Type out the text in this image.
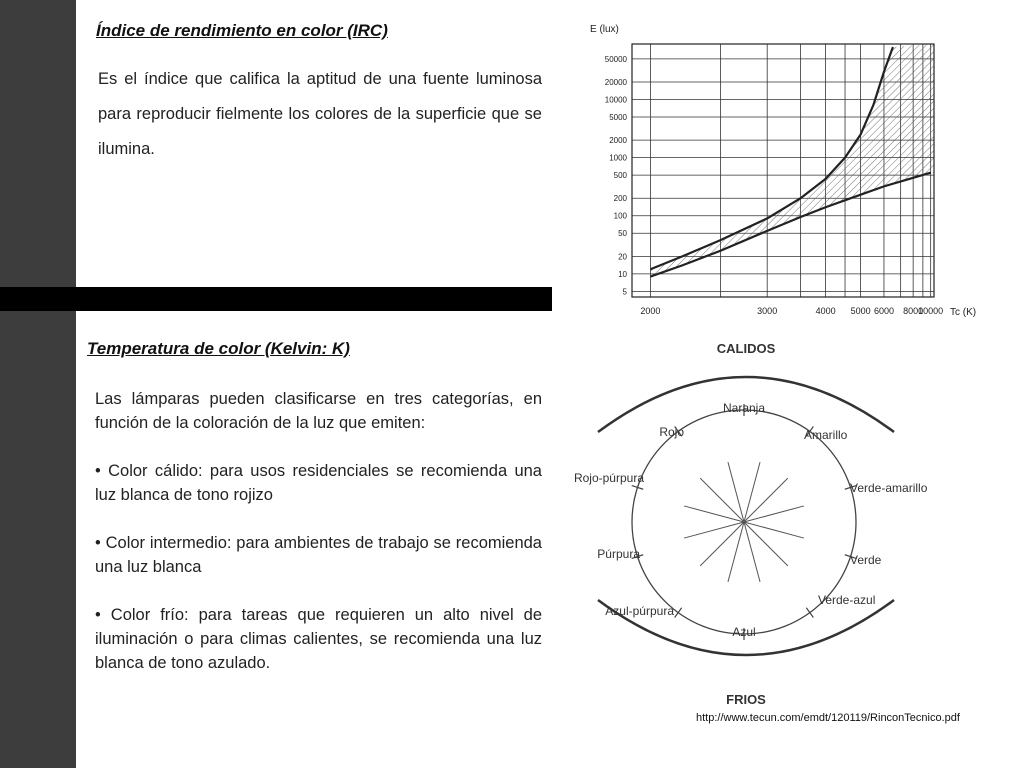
Índice de rendimiento en color (IRC)
Es el índice que califica la aptitud de una fuente luminosa para reproducir fielmente los colores de la superficie que se ilumina.
Temperatura de color (Kelvin: K)

Las lámparas pueden clasificarse en tres categorías, en función de la coloración de la luz que emiten:

• Color cálido: para usos residenciales se recomienda una luz blanca de tono rojizo

• Color intermedio: para ambientes de trabajo se recomienda una luz blanca

• Color frío: para tareas que requieren un alto nivel de iluminación o para climas calientes, se recomienda una luz blanca de tono azulado.

5
10
20
50
100
200
500
1000
2000
5000
10000
20000
50000
2000	3000	4000 5000 6000 8000
10000
E (lux)
Tc (K)
CALIDOS
FRIOS
Naranja
Amarillo
Verde-amarillo
Verde
Verde-azul
Azul
Azul-púrpura
Púrpura
Rojo-púrpura
Rojo
http://www.tecun.com/emdt/120119/RinconTecnico.pdf
